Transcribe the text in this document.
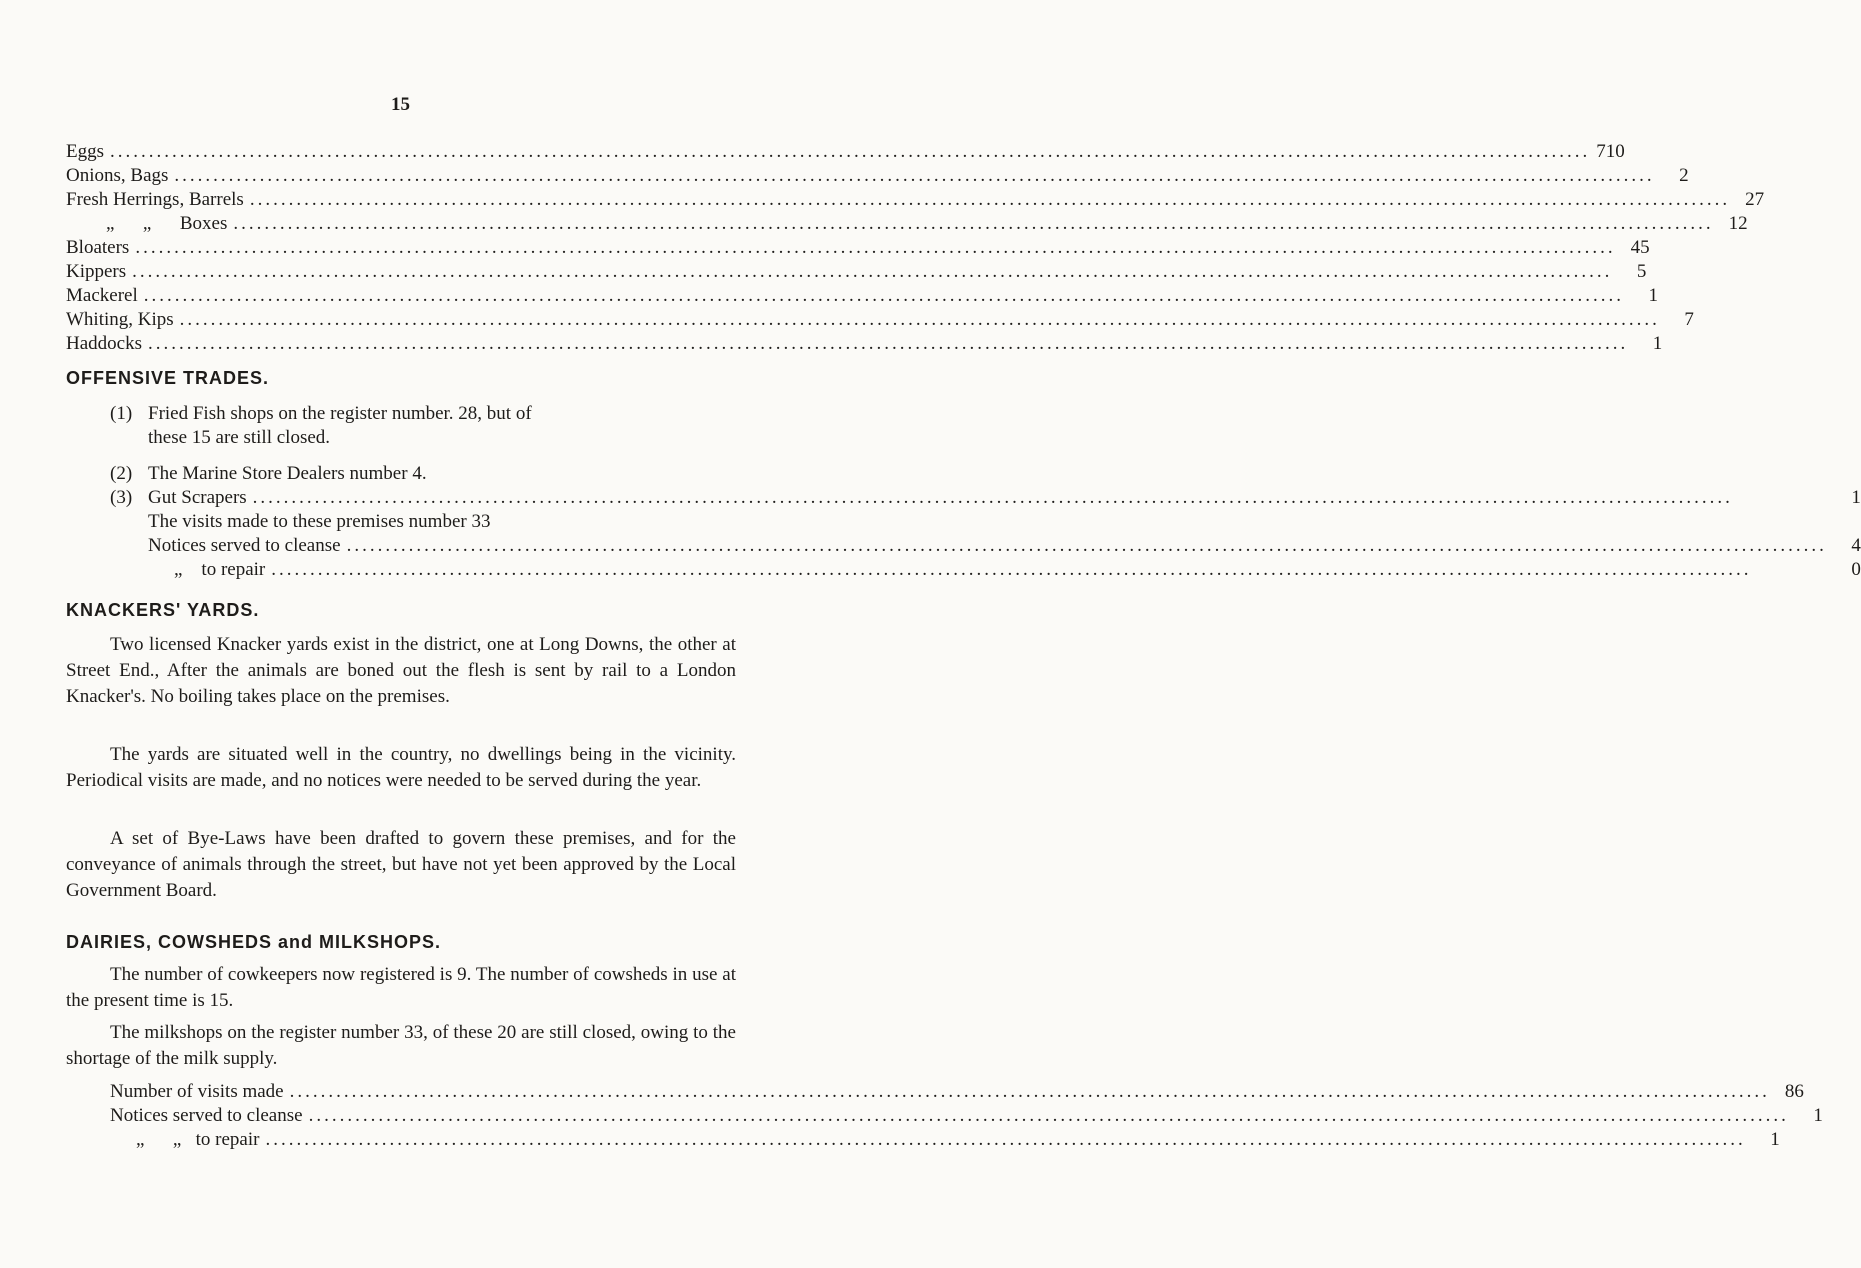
15
Eggs .....	710
Onions, Bags .....	2
Fresh Herrings, Barrels .....	27
„      „      Boxes .....	12
Bloaters .....	45
Kippers .....	5
Mackerel .....	1
Whiting, Kips .....	7
Haddocks .....	1
OFFENSIVE TRADES.
(1) Fried Fish shops on the register number. 28, but of
these 15 are still closed.
(2) The Marine Store Dealers number 4.
(3) Gut Scrapers .....	1
The visits made to these premises number 33
Notices served to cleanse .....	4
„    to repair .....	0
KNACKERS' YARDS.

Two licensed Knacker yards exist in the district, one at Long Downs, the other at Street End., After the animals are boned out the flesh is sent by rail to a London Knacker's. No boiling takes place on the premises.

The yards are situated well in the country, no dwellings being in the vicinity. Periodical visits are made, and no notices were needed to be served during the year.

A set of Bye-Laws have been drafted to govern these premises, and for the conveyance of animals through the street, but have not yet been approved by the Local Government Board.

DAIRIES, COWSHEDS and MILKSHOPS.

The number of cowkeepers now registered is 9. The number of cowsheds in use at the present time is 15.

The milkshops on the register number 33, of these 20 are still closed, owing to the shortage of the milk supply.

Number of visits made .....	86
Notices served to cleanse .....	1
„      „   to repair .....	1
